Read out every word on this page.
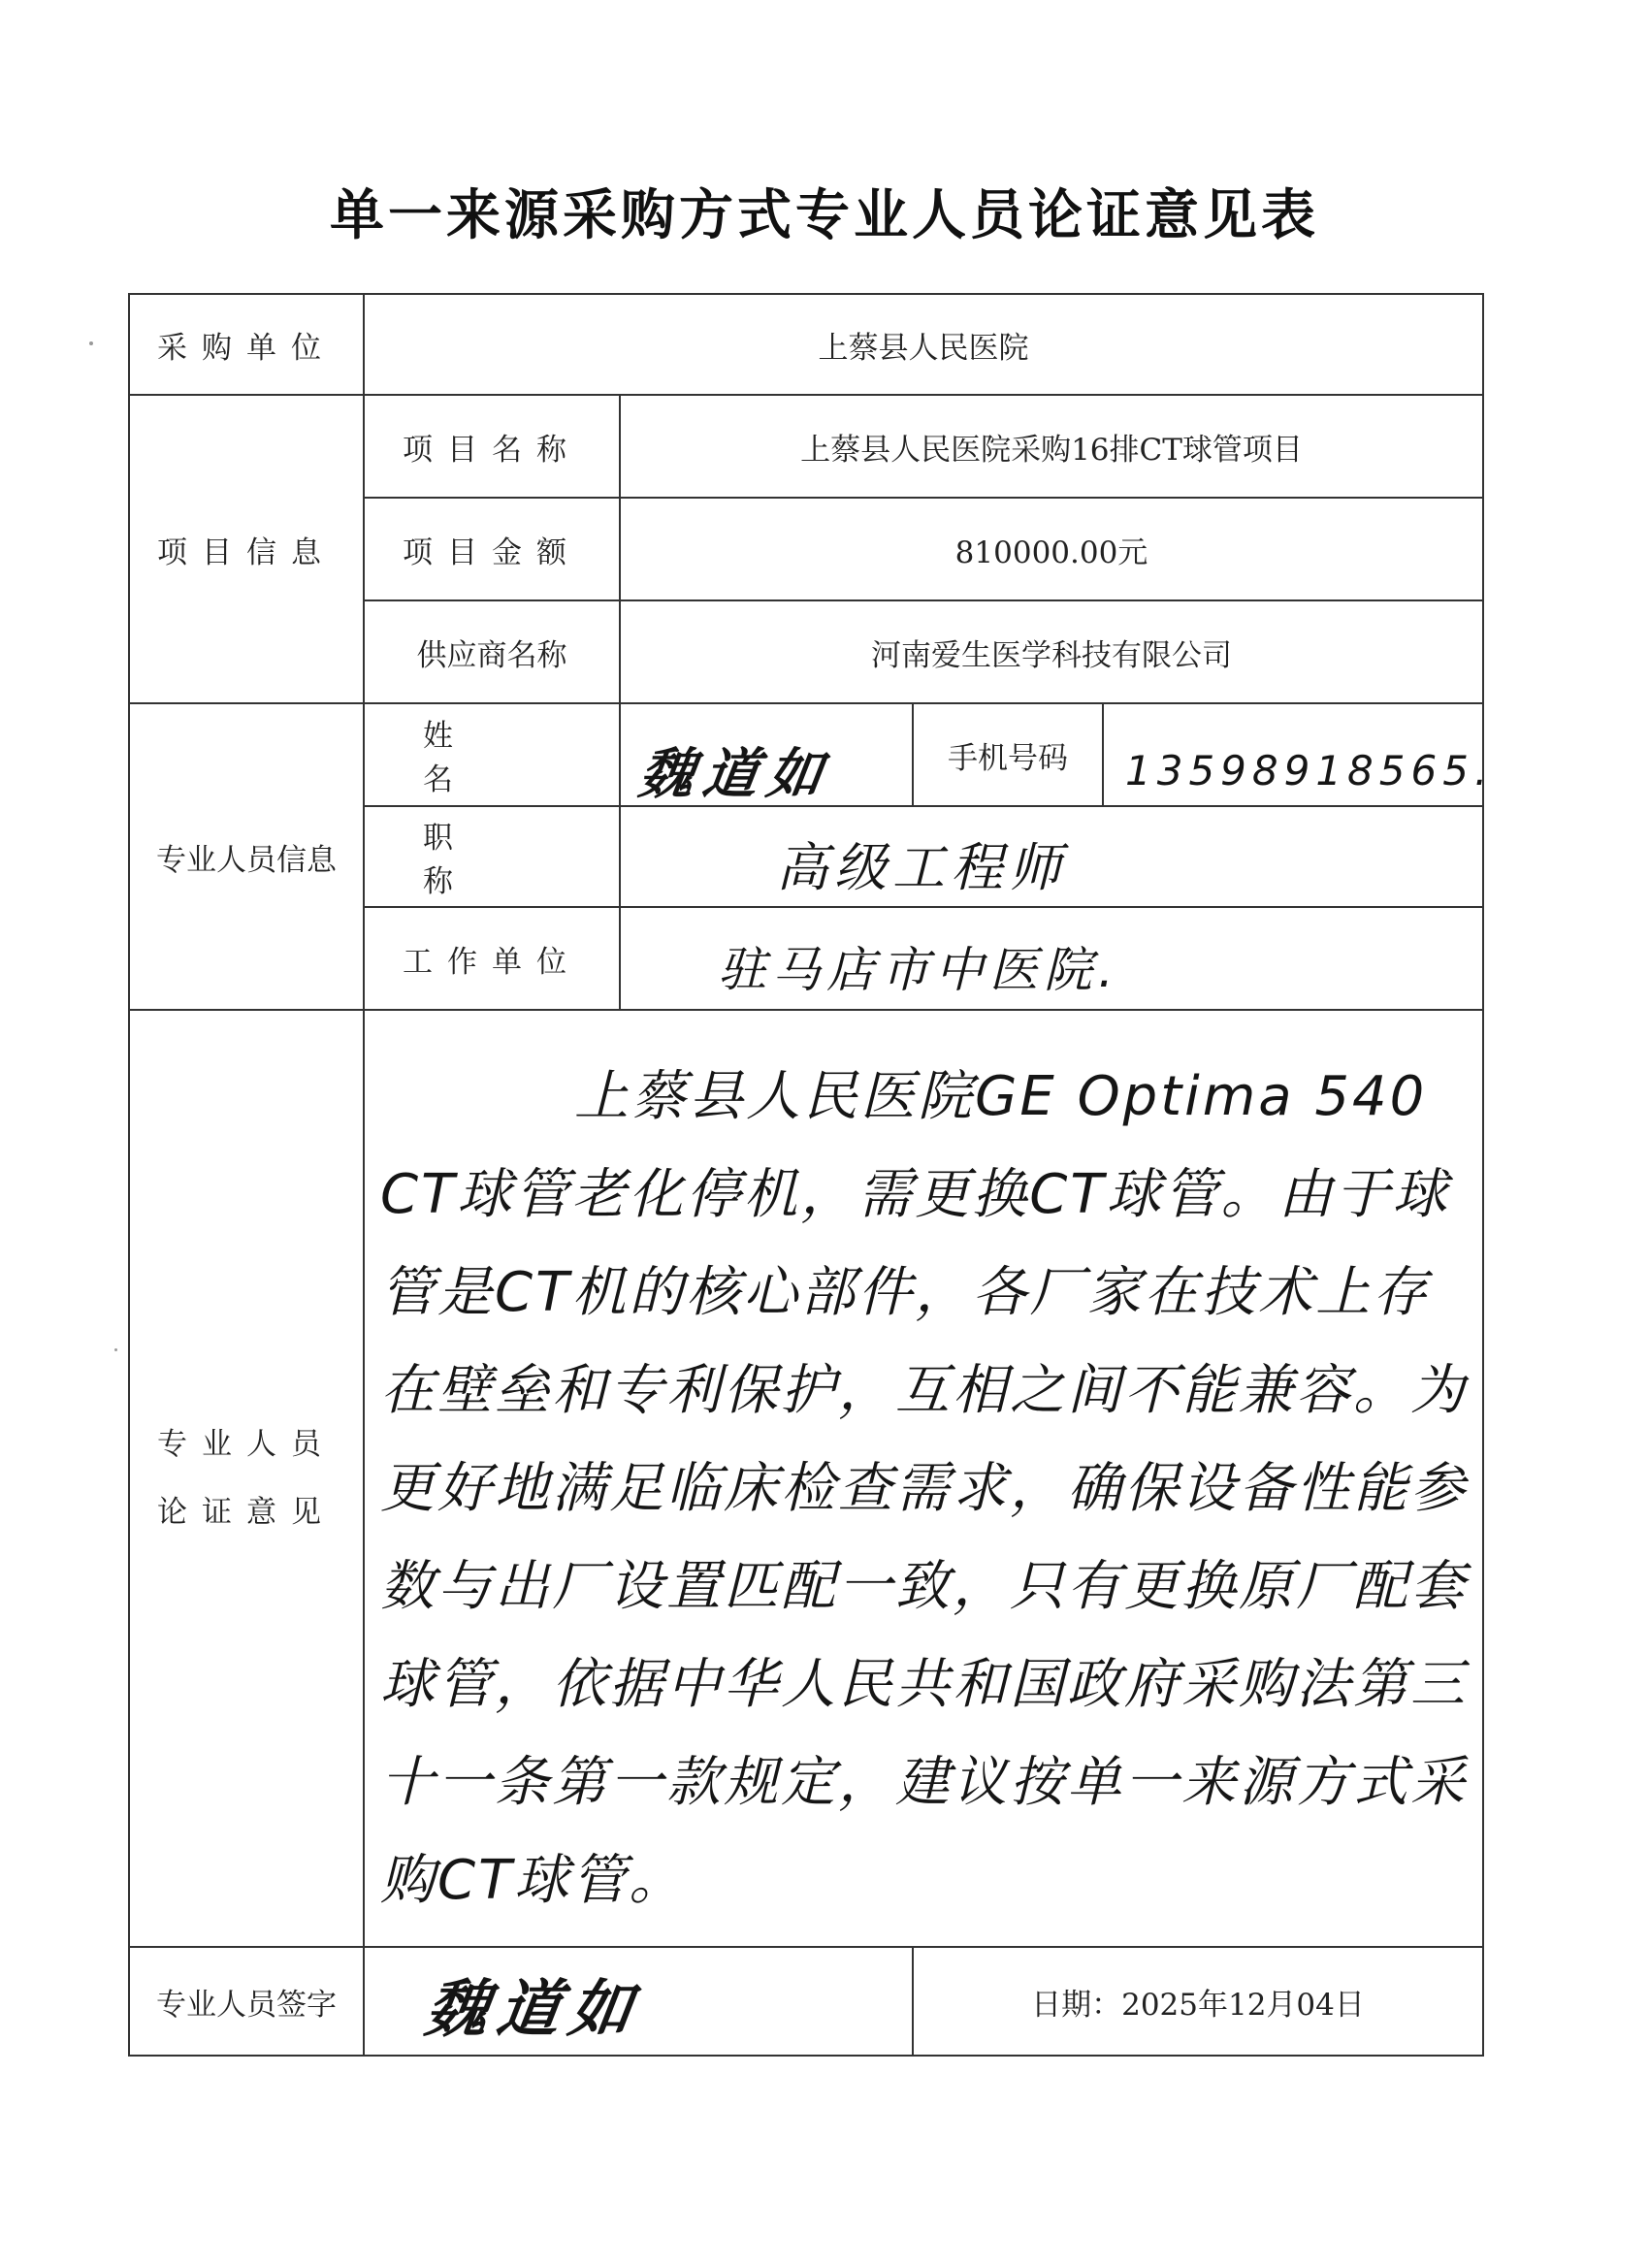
单一来源采购方式专业人员论证意见表
采购单位	上蔡县人民医院
项目信息
项目名称	上蔡县人民医院采购16排CT球管项目
项目金额	810000.00元
供应商名称	河南爱生医学科技有限公司
专业人员信息
姓名	魏道如	手机号码	13598918565.
职称	高级工程师
工作单位	驻马店市中医院.
专业人员
论证意见
上蔡县人民医院GE Optima 540 CT球管老化停机，需更换CT球管。由于球管是CT机的核心部件，各厂家在技术上存在壁垒和专利保护，互相之间不能兼容。为更好地满足临床检查需求，确保设备性能参数与出厂设置匹配一致，只有更换原厂配套球管，依据中华人民共和国政府采购法第三十一条第一款规定，建议按单一来源方式采购CT球管。
专业人员签字	魏道如	日期：2025年12月04日
